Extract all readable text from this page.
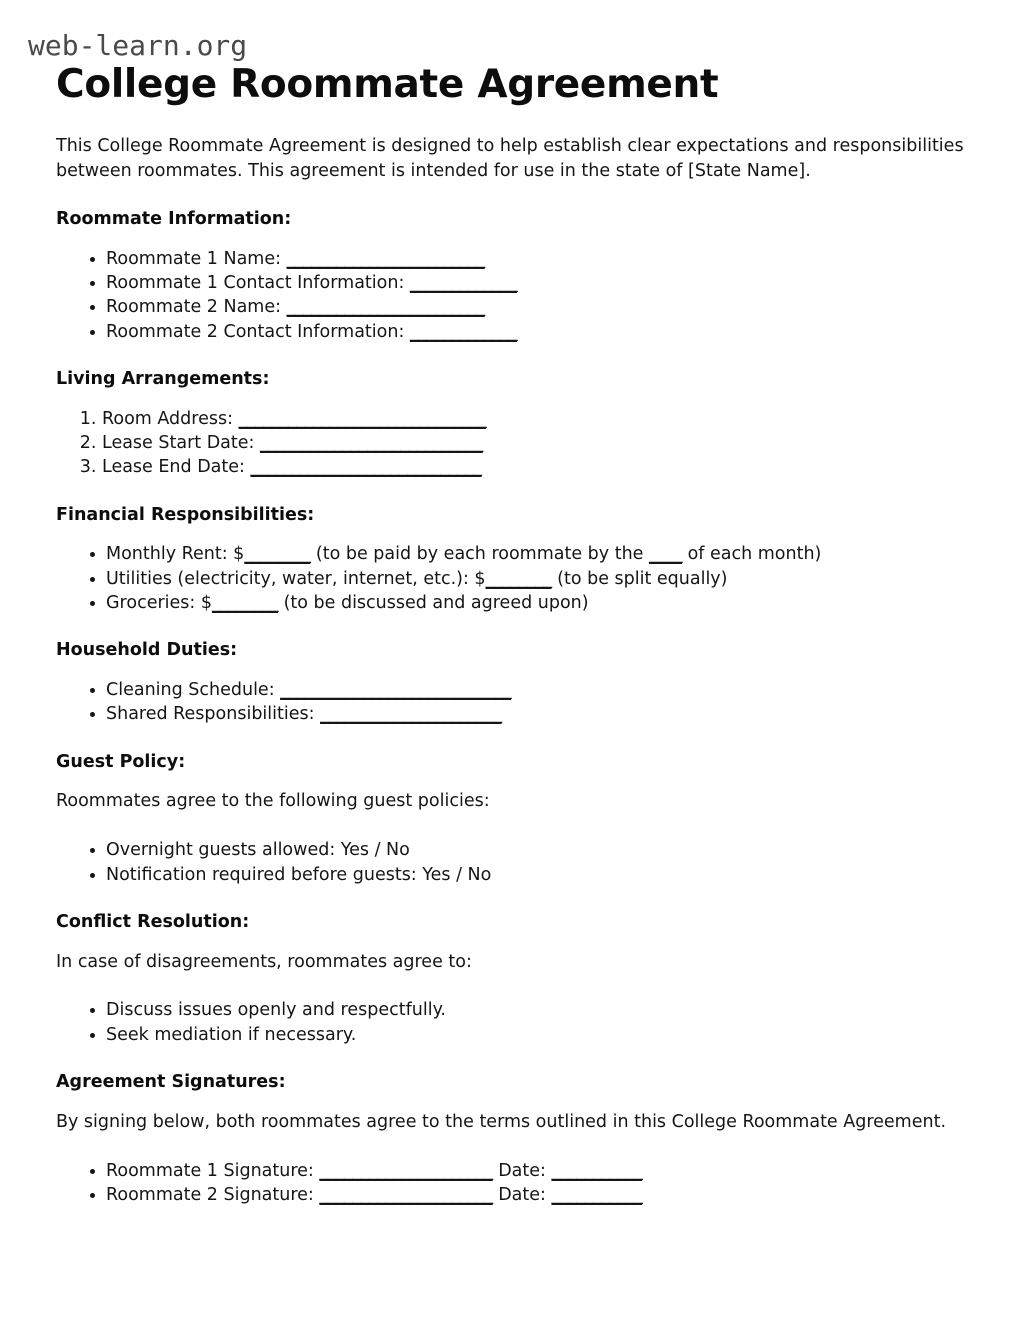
web-learn.org
College Roommate Agreement

This College Roommate Agreement is designed to help establish clear expectations and responsibilities between roommates. This agreement is intended for use in the state of [State Name].

Roommate Information:
• Roommate 1 Name: ________________________
• Roommate 1 Contact Information: _____________
• Roommate 2 Name: ________________________
• Roommate 2 Contact Information: _____________
Living Arrangements:
1. Room Address: ______________________________
2. Lease Start Date: ___________________________
3. Lease End Date: ____________________________
Financial Responsibilities:
• Monthly Rent: $________ (to be paid by each roommate by the ____ of each month)
• Utilities (electricity, water, internet, etc.): $________ (to be split equally)
• Groceries: $________ (to be discussed and agreed upon)
Household Duties:
• Cleaning Schedule: ____________________________
• Shared Responsibilities: ______________________
Guest Policy:

Roommates agree to the following guest policies:

• Overnight guests allowed: Yes / No
• Notification required before guests: Yes / No
Conflict Resolution:

In case of disagreements, roommates agree to:

• Discuss issues openly and respectfully.
• Seek mediation if necessary.
Agreement Signatures:

By signing below, both roommates agree to the terms outlined in this College Roommate Agreement.

• Roommate 1 Signature: _____________________ Date: ___________
• Roommate 2 Signature: _____________________ Date: ___________
